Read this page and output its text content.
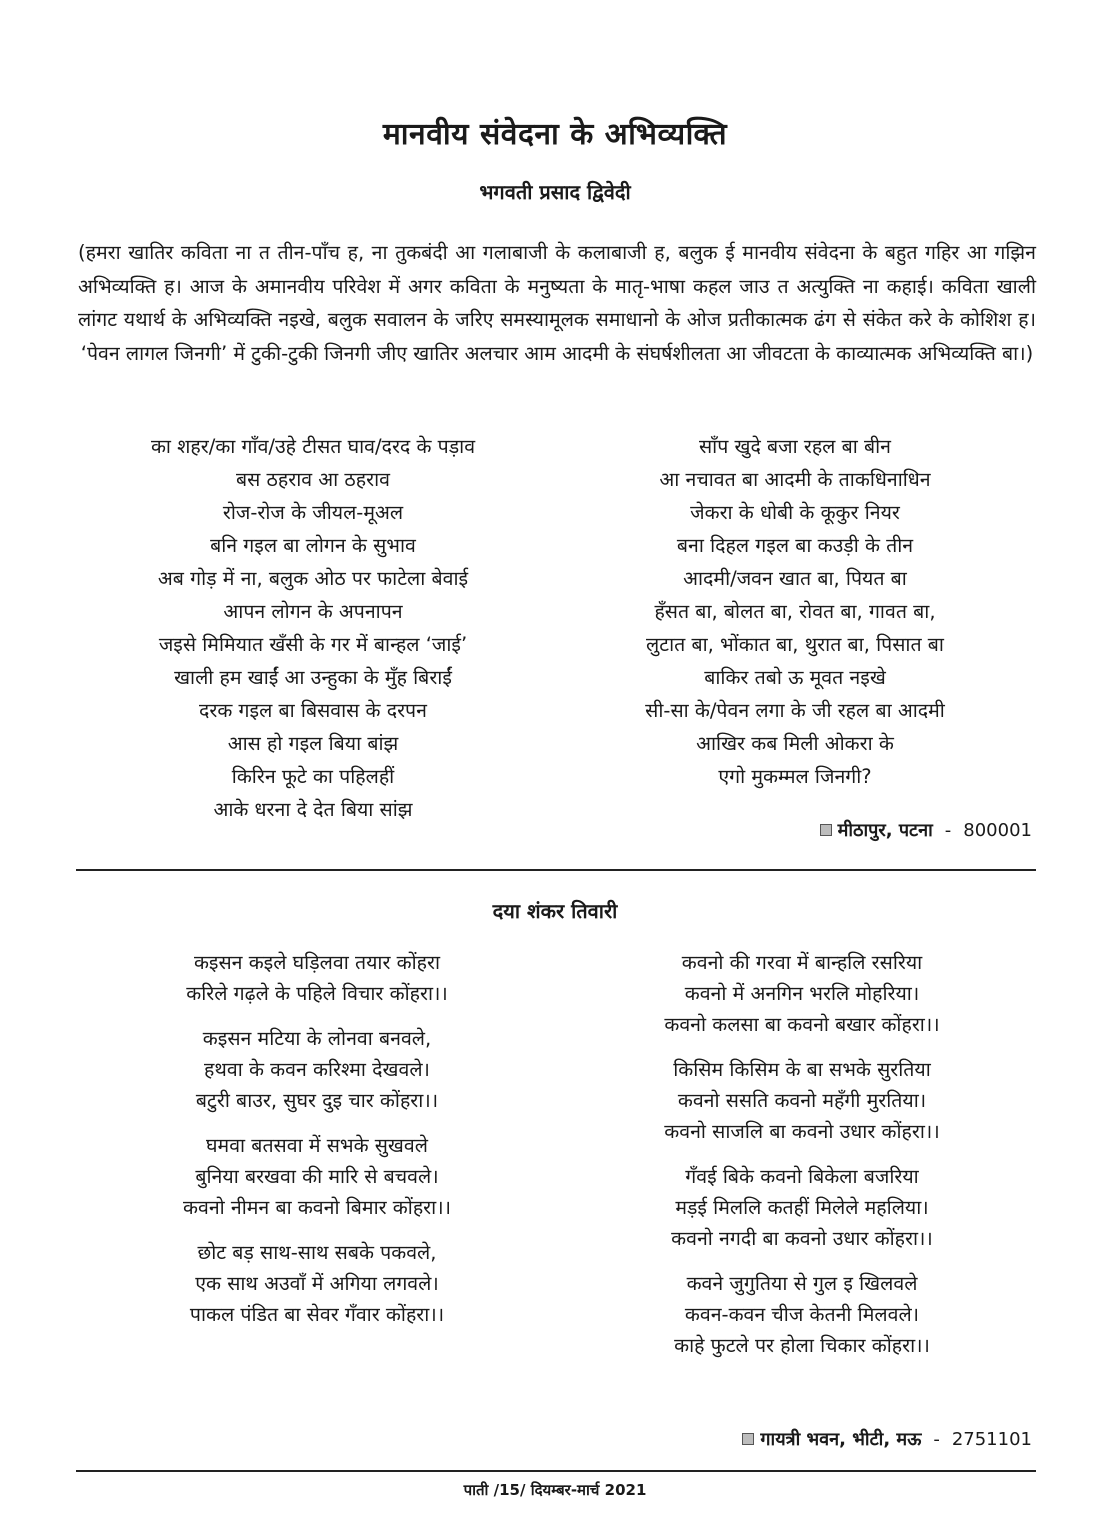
मानवीय संवेदना के अभिव्यक्ति
भगवती प्रसाद द्विवेदी
(हमरा खातिर कविता ना त तीन-पाँच ह, ना तुकबंदी आ गलाबाजी के कलाबाजी ह, बलुक ई मानवीय संवेदना के बहुत गहिर आ गझिन अभिव्यक्ति ह। आज के अमानवीय परिवेश में अगर कविता के मनुष्यता के मातृ-भाषा कहल जाउ त अत्युक्ति ना कहाई। कविता खाली लांगट यथार्थ के अभिव्यक्ति नइखे, बलुक सवालन के जरिए समस्यामूलक समाधानो के ओज प्रतीकात्मक ढंग से संकेत करे के कोशिश ह। ‘पेवन लागल जिनगी’ में टुकी-टुकी जिनगी जीए खातिर अलचार आम आदमी के संघर्षशीलता आ जीवटता के काव्यात्मक अभिव्यक्ति बा।)
का शहर/का गाँव/उहे टीसत घाव/दरद के पड़ाव
बस ठहराव आ ठहराव
रोज-रोज के जीयल-मूअल
बनि गइल बा लोगन के सुभाव
अब गोड़ में ना, बलुक ओठ पर फाटेला बेवाई
आपन लोगन के अपनापन
जइसे मिमियात खँसी के गर में बान्हल ‘जाई’
खाली हम खाईं आ उन्हुका के मुँह बिराईं
दरक गइल बा बिसवास के दरपन
आस हो गइल बिया बांझ
किरिन फूटे का पहिलहीं
आके धरना दे देत बिया सांझ
साँप खुदे बजा रहल बा बीन
आ नचावत बा आदमी के ताकधिनाधिन
जेकरा के धोबी के कूकुर नियर
बना दिहल गइल बा कउड़ी के तीन
आदमी/जवन खात बा, पियत बा
हँसत बा, बोलत बा, रोवत बा, गावत बा,
लुटात बा, भोंकात बा, थुरात बा, पिसात बा
बाकिर तबो ऊ मूवत नइखे
सी-सा के/पेवन लगा के जी रहल बा आदमी
आखिर कब मिली ओकरा के
एगो मुकम्मल जिनगी?
मीठापुर, पटना - 800001
दया शंकर तिवारी
कइसन कइले घड़िलवा तयार कोंहरा
करिले गढ़ले के पहिले विचार कोंहरा।।
कइसन मटिया के लोनवा बनवले,
हथवा के कवन करिश्मा देखवले।
बटुरी बाउर, सुघर दुइ चार कोंहरा।।
घमवा बतसवा में सभके सुखवले
बुनिया बरखवा की मारि से बचवले।
कवनो नीमन बा कवनो बिमार कोंहरा।।
छोट बड़ साथ-साथ सबके पकवले,
एक साथ अउवाँ में अगिया लगवले।
पाकल पंडित बा सेवर गँवार कोंहरा।।
कवनो की गरवा में बान्हलि रसरिया
कवनो में अनगिन भरलि मोहरिया।
कवनो कलसा बा कवनो बखार कोंहरा।।
किसिम किसिम के बा सभके सुरतिया
कवनो ससति कवनो महँगी मुरतिया।
कवनो साजलि बा कवनो उधार कोंहरा।।
गँवई बिके कवनो बिकेला बजरिया
मड़ई मिललि कतहीं मिलेले महलिया।
कवनो नगदी बा कवनो उधार कोंहरा।।
कवने जुगुतिया से गुल इ खिलवले
कवन-कवन चीज केतनी मिलवले।
काहे फुटले पर होला चिकार कोंहरा।।
गायत्री भवन, भीटी, मऊ - 2751101
पाती /15/ दियम्बर-मार्च 2021
